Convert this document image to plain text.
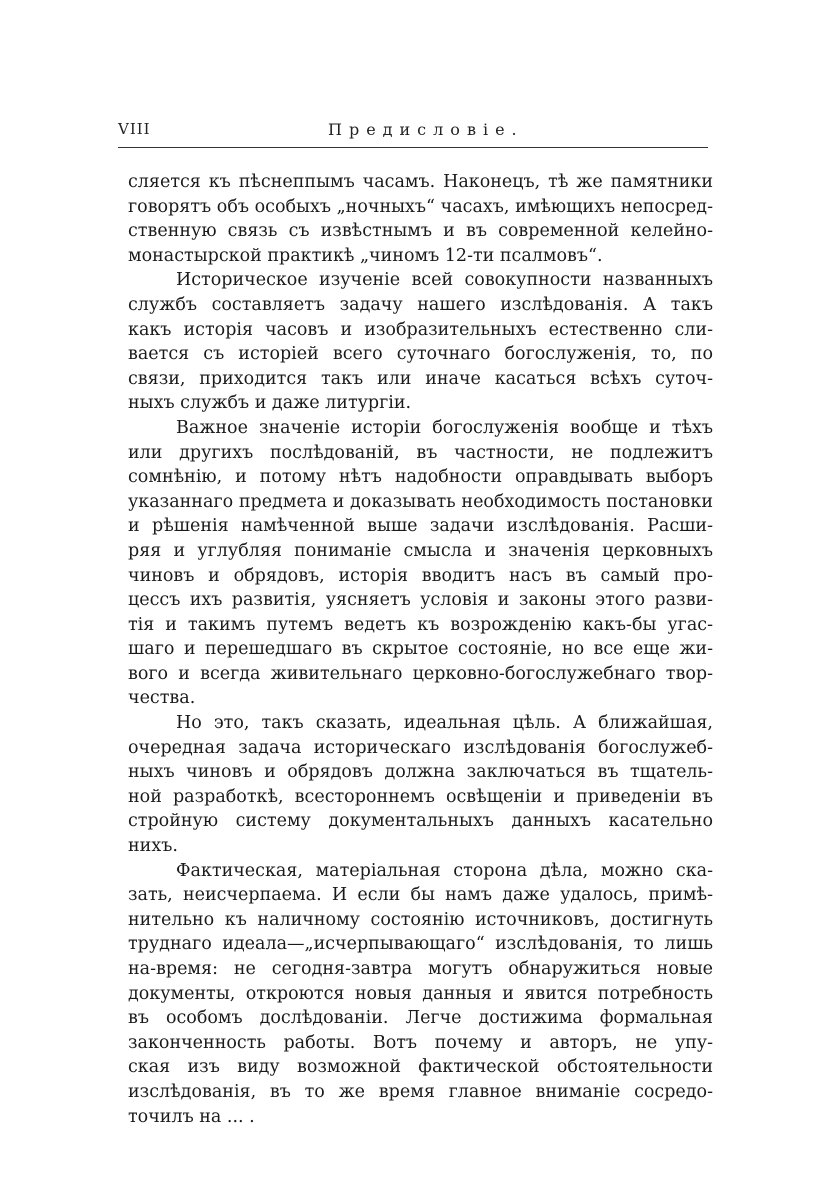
VIII	Предисловіе.
сляется къ пѣснеппымъ часамъ. Наконецъ, тѣ же памятники
говорятъ объ особыхъ „ночныхъ“ часахъ, имѣющихъ непосред-
ственную связь съ извѣстнымъ и въ современной келейно-
монастырской практикѣ „чиномъ 12-ти псалмовъ“.
Историческое изученіе всей совокупности названныхъ
службъ составляетъ задачу нашего изслѣдованія. А такъ
какъ исторія часовъ и изобразительныхъ естественно сли-
вается съ исторіей всего суточнаго богослуженія, то, по
связи, приходится такъ или иначе касаться всѣхъ суточ-
ныхъ службъ и даже литургіи.
Важное значеніе исторіи богослуженія вообще и тѣхъ
или другихъ послѣдованій, въ частности, не подлежитъ
сомнѣнію, и потому нѣтъ надобности оправдывать выборъ
указаннаго предмета и доказывать необходимость постановки
и рѣшенія намѣченной выше задачи изслѣдованія. Расши-
ряя и углубляя пониманіе смысла и значенія церковныхъ
чиновъ и обрядовъ, исторія вводитъ насъ въ самый про-
цессъ ихъ развитія, уясняетъ условія и законы этого разви-
тія и такимъ путемъ ведетъ къ возрожденію какъ-бы угас-
шаго и перешедшаго въ скрытое состояніе, но все еще жи-
вого и всегда живительнаго церковно-богослужебнаго твор-
чества.
Но это, такъ сказать, идеальная цѣль. А ближайшая,
очередная задача историческаго изслѣдованія богослужеб-
ныхъ чиновъ и обрядовъ должна заключаться въ тщатель-
ной разработкѣ, всестороннемъ освѣщеніи и приведеніи въ
стройную систему документальныхъ данныхъ касательно
нихъ.
Фактическая, матеріальная сторона дѣла, можно ска-
зать, неисчерпаема. И если бы намъ даже удалось, примѣ-
нительно къ наличному состоянію источниковъ, достигнуть
труднаго идеала—„исчерпывающаго“ изслѣдованія, то лишь
на-время: не сегодня-завтра могутъ обнаружиться новые
документы, откроются новыя данныя и явится потребность
въ особомъ дослѣдованіи. Легче достижима формальная
законченность работы. Вотъ почему и авторъ, не упу-
ская изъ виду возможной фактической обстоятельности
изслѣдованія, въ то же время главное вниманіе сосредо-
точилъ на ... .
